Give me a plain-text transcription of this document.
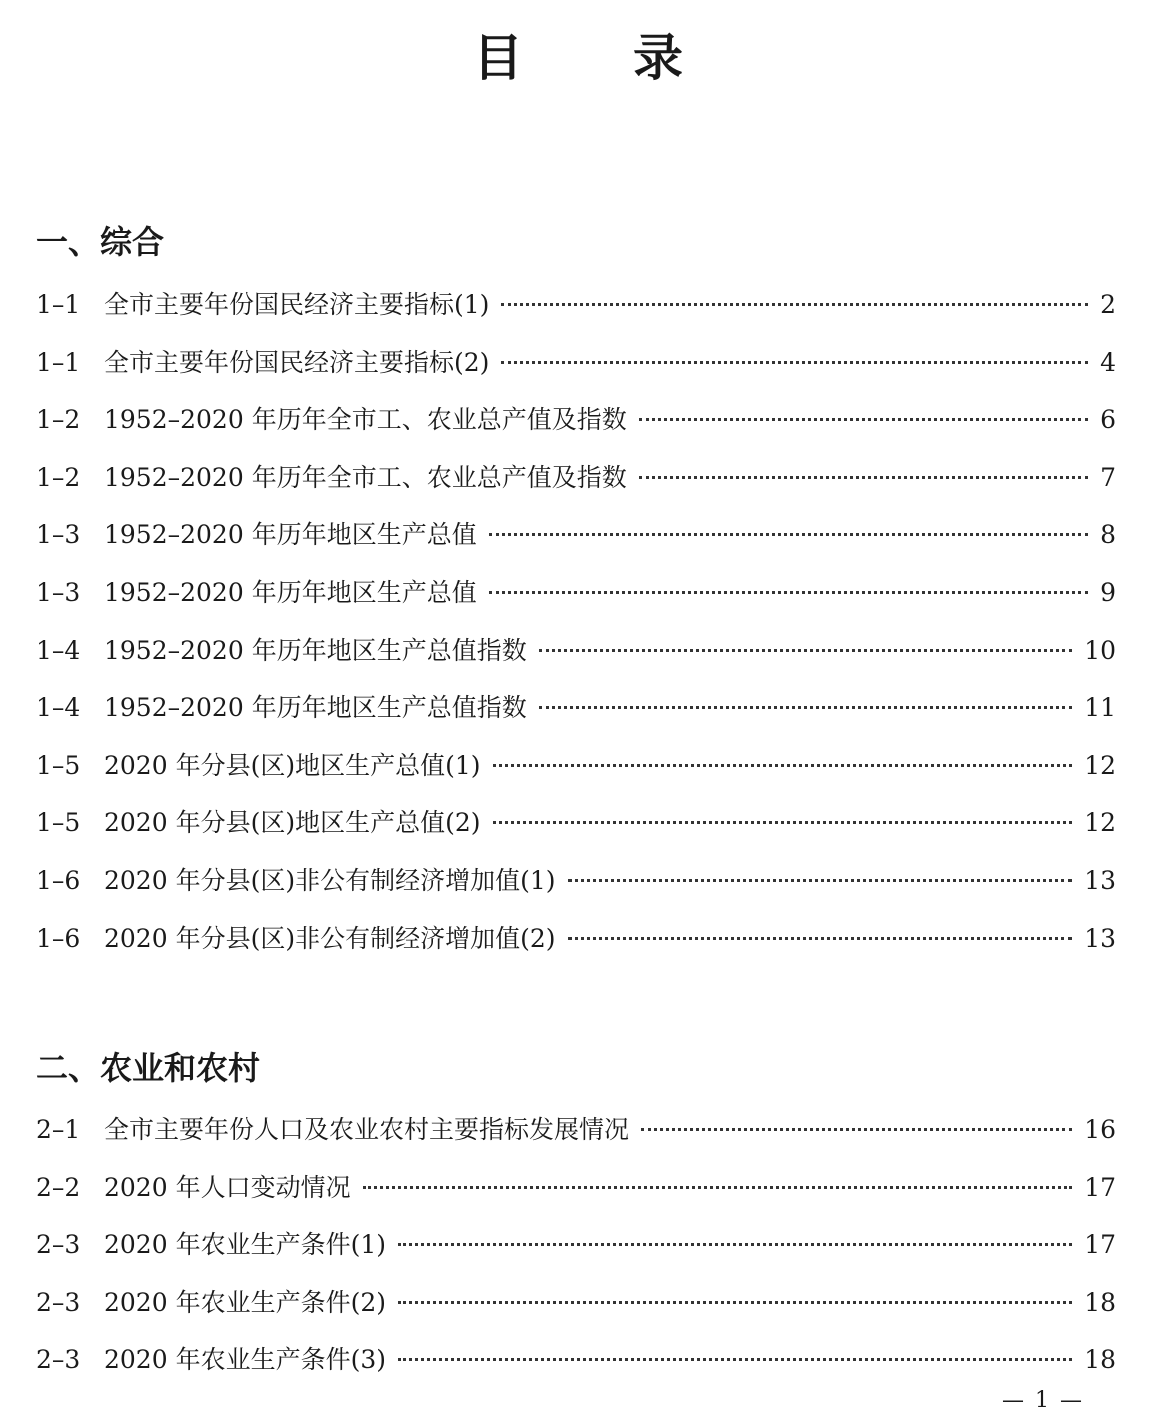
目 录
一、综合
1–1 全市主要年份国民经济主要指标(1)	2
1–1 全市主要年份国民经济主要指标(2)	4
1–2 1952–2020 年历年全市工、农业总产值及指数	6
1–2 1952–2020 年历年全市工、农业总产值及指数	7
1–3 1952–2020 年历年地区生产总值	8
1–3 1952–2020 年历年地区生产总值	9
1–4 1952–2020 年历年地区生产总值指数	10
1–4 1952–2020 年历年地区生产总值指数	11
1–5 2020 年分县(区)地区生产总值(1)	12
1–5 2020 年分县(区)地区生产总值(2)	12
1–6 2020 年分县(区)非公有制经济增加值(1)	13
1–6 2020 年分县(区)非公有制经济增加值(2)	13
二、农业和农村
2–1 全市主要年份人口及农业农村主要指标发展情况	16
2–2 2020 年人口变动情况	17
2–3 2020 年农业生产条件(1)	17
2–3 2020 年农业生产条件(2)	18
2–3 2020 年农业生产条件(3)	18
— 1 —
